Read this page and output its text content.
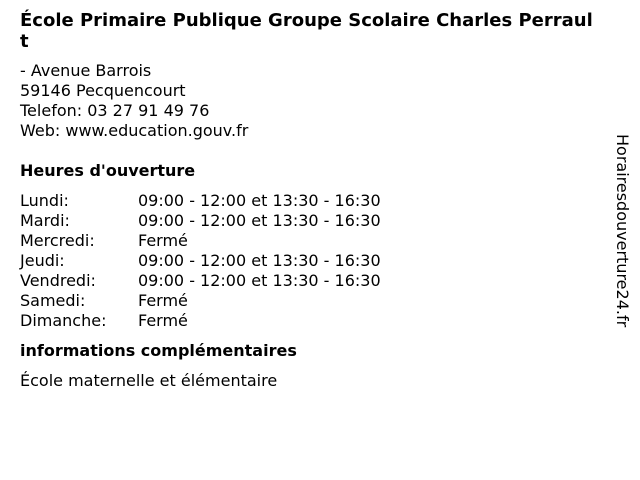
École Primaire Publique Groupe Scolaire Charles Perrault
- Avenue Barrois
59146 Pecquencourt
Telefon: 03 27 91 49 76
Web: www.education.gouv.fr
Heures d'ouverture
Lundi:	09:00 - 12:00 et 13:30 - 16:30
Mardi:	09:00 - 12:00 et 13:30 - 16:30
Mercredi:	Fermé
Jeudi:	09:00 - 12:00 et 13:30 - 16:30
Vendredi:	09:00 - 12:00 et 13:30 - 16:30
Samedi:	Fermé
Dimanche:	Fermé
informations complémentaires
École maternelle et élémentaire
Horairesdouverture24.fr
